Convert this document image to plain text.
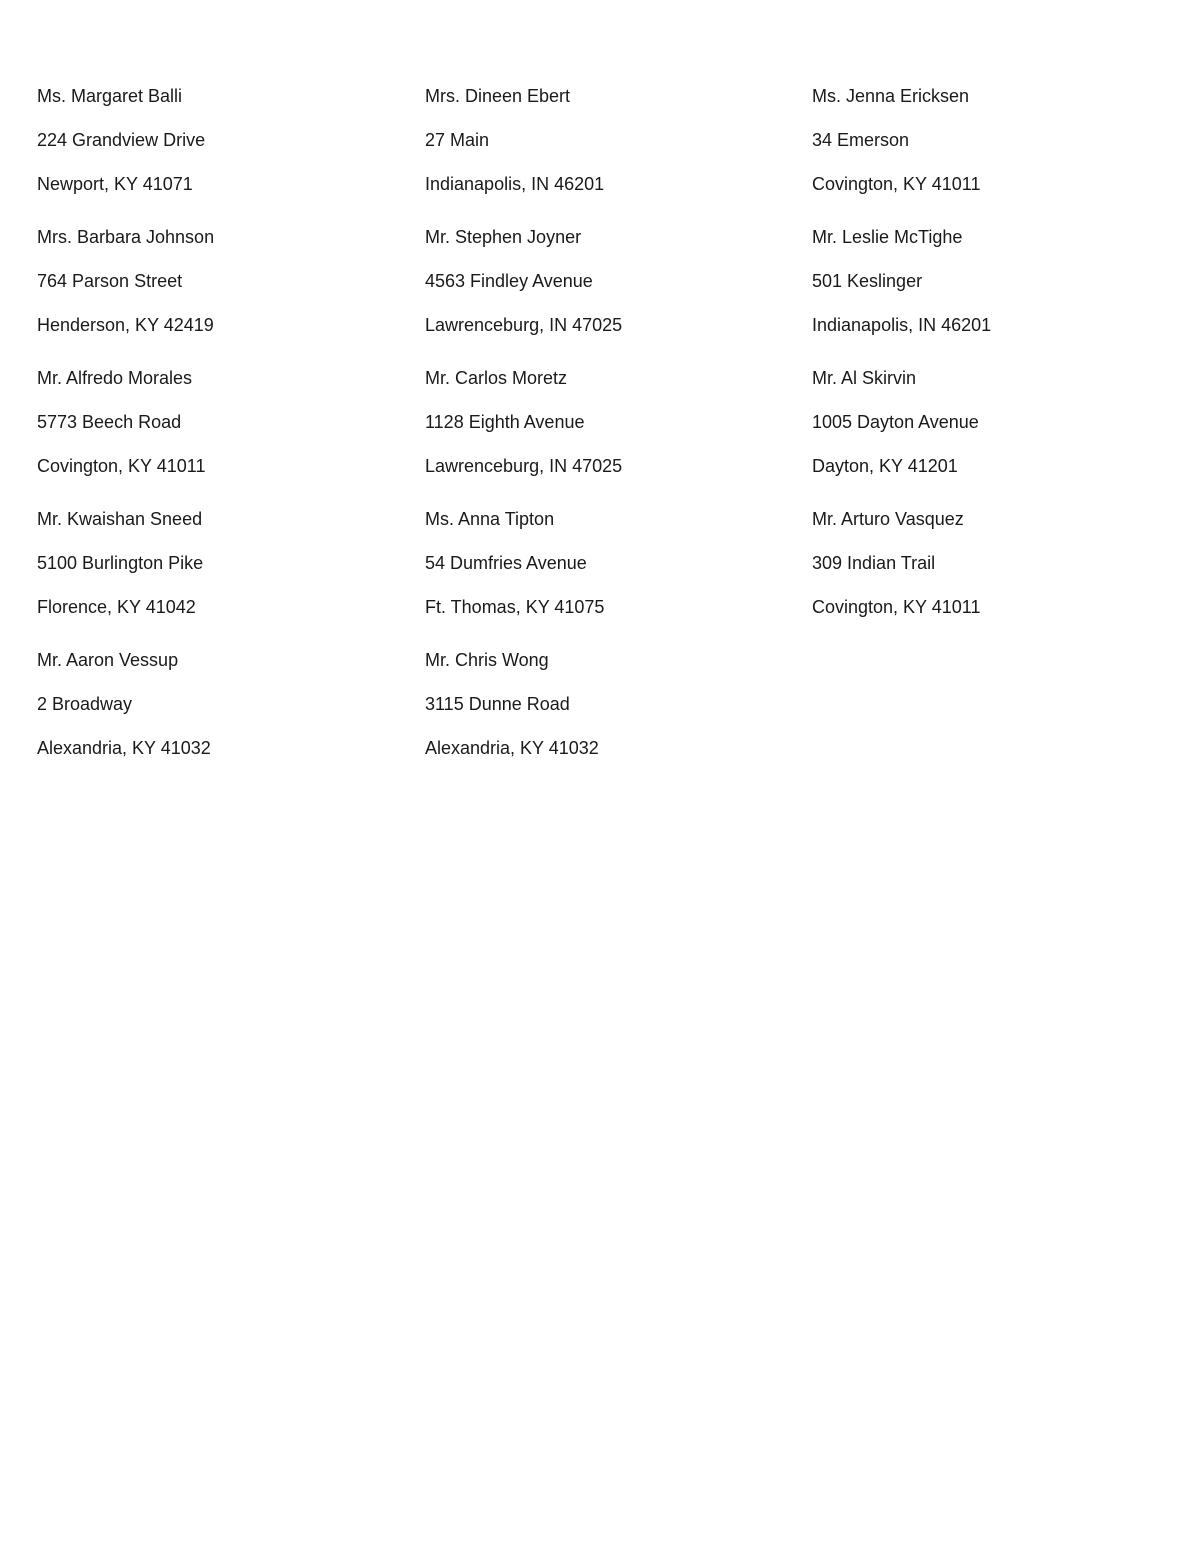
Ms. Margaret Balli
224 Grandview Drive
Newport, KY 41071
Mrs. Dineen Ebert
27 Main
Indianapolis, IN 46201
Ms. Jenna Ericksen
34 Emerson
Covington, KY 41011
Mrs. Barbara Johnson
764 Parson Street
Henderson, KY 42419
Mr. Stephen Joyner
4563 Findley Avenue
Lawrenceburg, IN 47025
Mr. Leslie McTighe
501 Keslinger
Indianapolis, IN 46201
Mr. Alfredo Morales
5773 Beech Road
Covington, KY 41011
Mr. Carlos Moretz
1128 Eighth Avenue
Lawrenceburg, IN 47025
Mr. Al Skirvin
1005 Dayton Avenue
Dayton, KY 41201
Mr. Kwaishan Sneed
5100 Burlington Pike
Florence, KY 41042
Ms. Anna Tipton
54 Dumfries Avenue
Ft. Thomas, KY 41075
Mr. Arturo Vasquez
309 Indian Trail
Covington, KY 41011
Mr. Aaron Vessup
2 Broadway
Alexandria, KY 41032
Mr. Chris Wong
3115 Dunne Road
Alexandria, KY 41032
